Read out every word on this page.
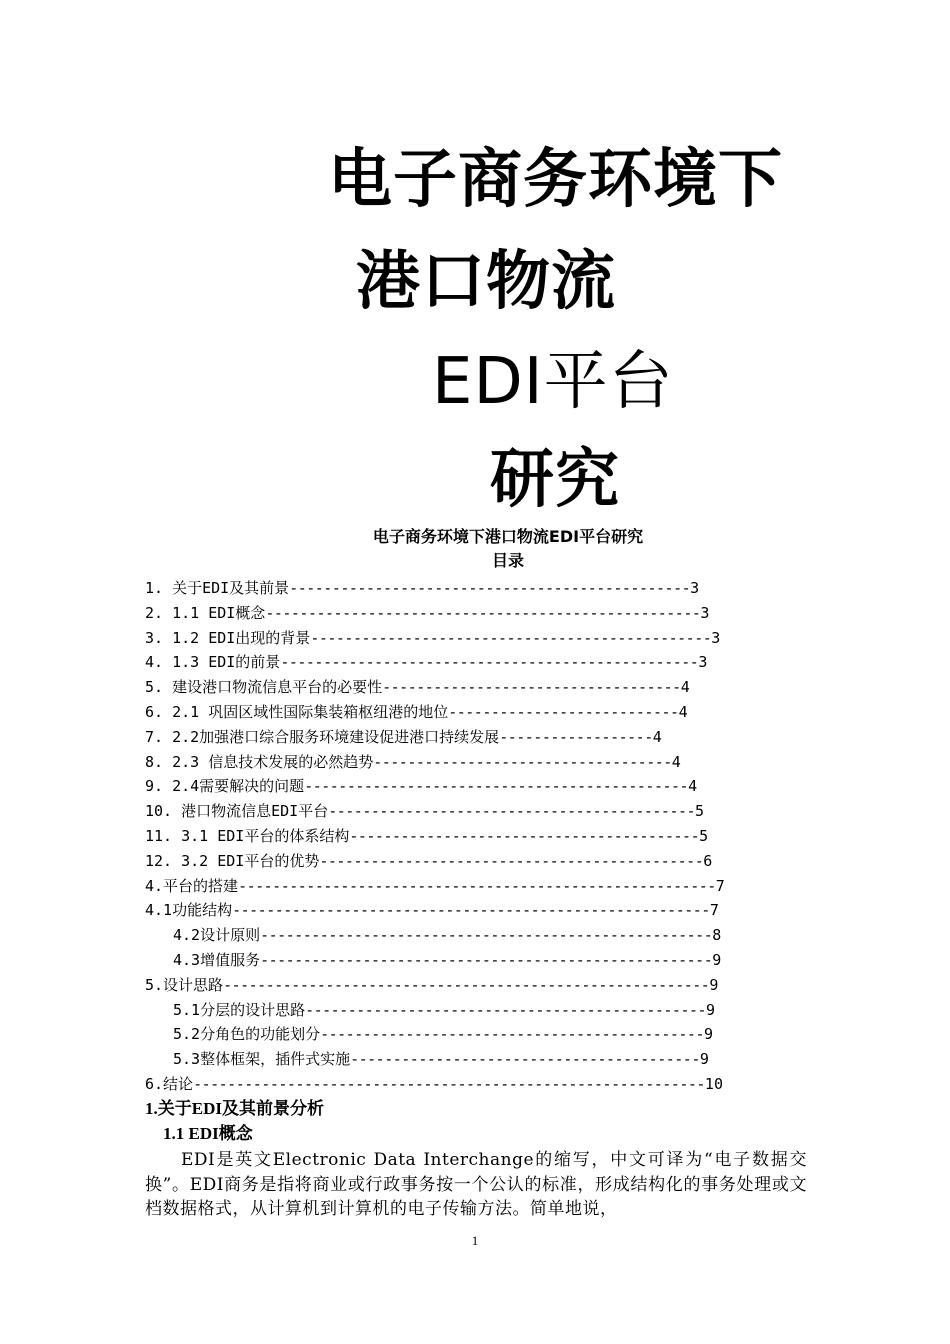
电子商务环境下
港口物流
EDI平台
研究
电子商务环境下港口物流EDI平台研究
目录
1. 关于EDI及其前景-----------------------------------------------3
2. 1.1 EDI概念---------------------------------------------------3
3. 1.2 EDI出现的背景-----------------------------------------------3
4. 1.3 EDI的前景-------------------------------------------------3
5. 建设港口物流信息平台的必要性-----------------------------------4
6. 2.1 巩固区域性国际集装箱枢纽港的地位---------------------------4
7. 2.2加强港口综合服务环境建设促进港口持续发展------------------4
8. 2.3 信息技术发展的必然趋势-----------------------------------4
9. 2.4需要解决的问题---------------------------------------------4
10. 港口物流信息EDI平台-------------------------------------------5
11. 3.1 EDI平台的体系结构-----------------------------------------5
12. 3.2 EDI平台的优势---------------------------------------------6
4.平台的搭建--------------------------------------------------------7
4.1功能结构--------------------------------------------------------7
4.2设计原则-----------------------------------------------------8
4.3增值服务-----------------------------------------------------9
5.设计思路---------------------------------------------------------9
5.1分层的设计思路-----------------------------------------------9
5.2分角色的功能划分---------------------------------------------9
5.3整体框架，插件式实施-----------------------------------------9
6.结论------------------------------------------------------------10
1.关于EDI及其前景分析
1.1 EDI概念
EDI是英文Electronic Data Interchange的缩写，中文可译为“电子数据交换”。EDI商务是指将商业或行政事务按一个公认的标准，形成结构化的事务处理或文档数据格式，从计算机到计算机的电子传输方法。简单地说，
1
